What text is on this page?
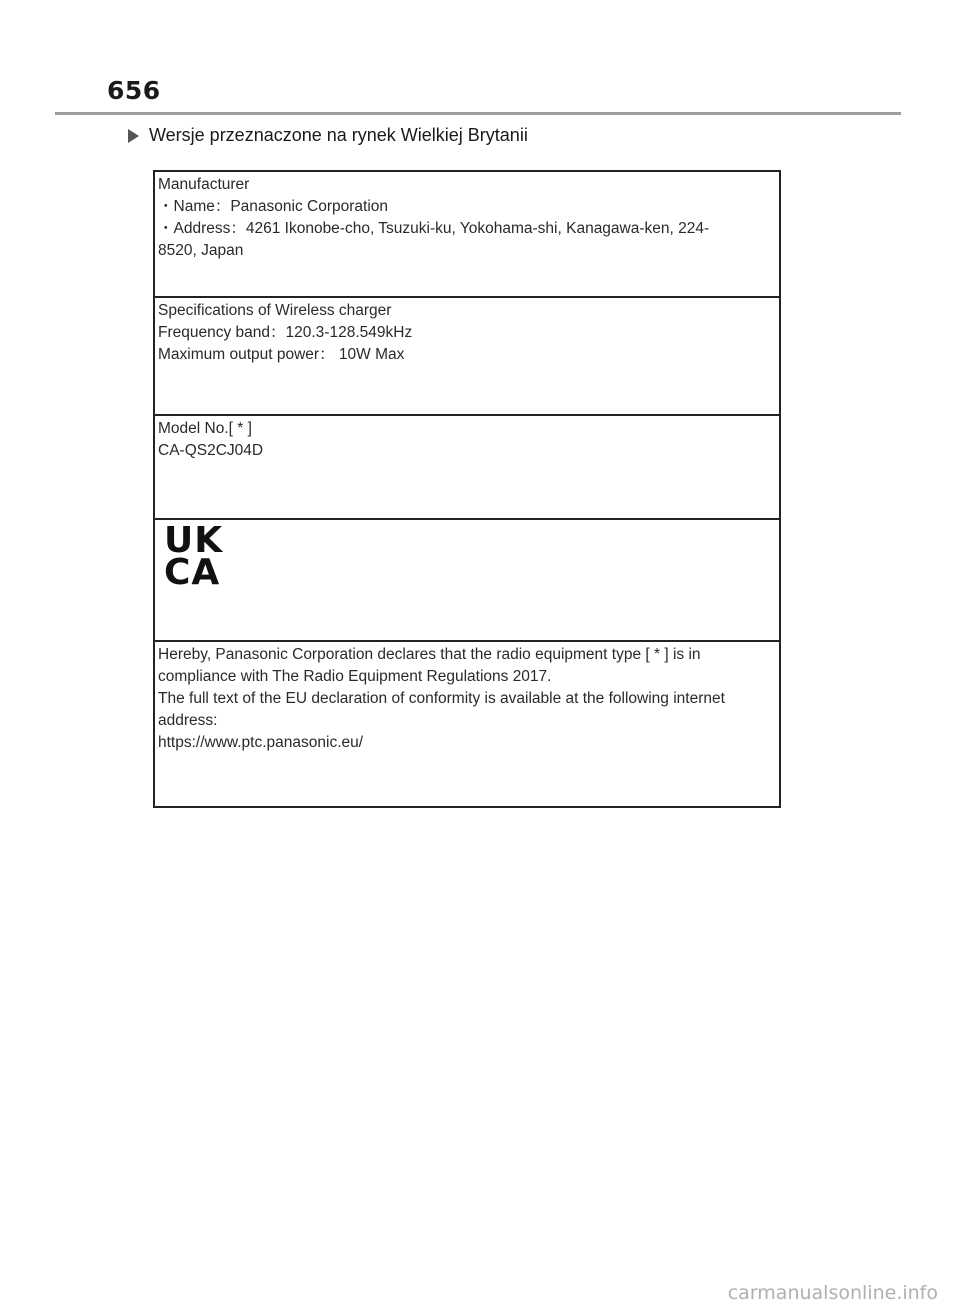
656
Wersje przeznaczone na rynek Wielkiej Brytanii
Manufacturer
・Name：Panasonic Corporation
・Address：4261 Ikonobe-cho, Tsuzuki-ku, Yokohama-shi, Kanagawa-ken, 224-
8520, Japan
Specifications of Wireless charger
Frequency band：120.3-128.549kHz
Maximum output power： 10W Max
Model No.[ * ]
CA-QS2CJ04D
UK
CA
Hereby, Panasonic Corporation declares that the radio equipment type [ * ] is in compliance with The Radio Equipment Regulations 2017.
The full text of the EU declaration of conformity is available at the following internet address:
https://www.ptc.panasonic.eu/
carmanualsonline.info
